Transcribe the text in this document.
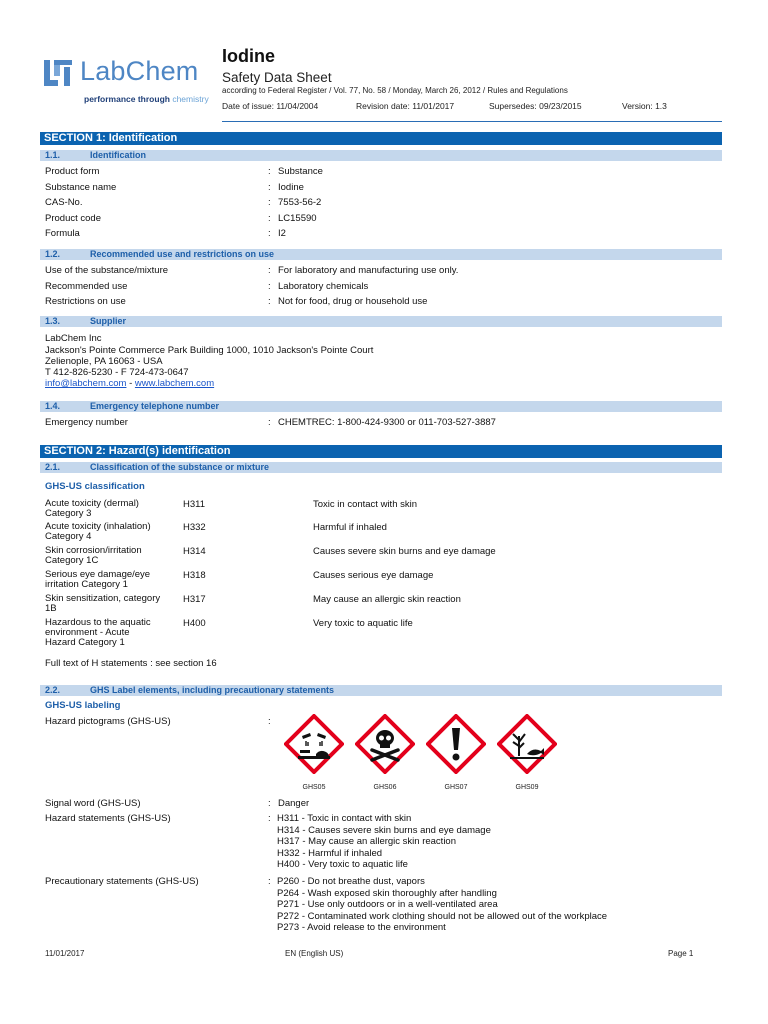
LabChem
performance through chemistry
Iodine
Safety Data Sheet
according to Federal Register / Vol. 77, No. 58 / Monday, March 26, 2012 / Rules and Regulations
Date of issue: 11/04/2004	Revision date: 11/01/2017	Supersedes: 09/23/2015	Version: 1.3
SECTION 1: Identification
1.1.	Identification
Product form	: Substance
Substance name	: Iodine
CAS-No.	: 7553-56-2
Product code	: LC15590
Formula	: I2
1.2.	Recommended use and restrictions on use
Use of the substance/mixture	: For laboratory and manufacturing use only.
Recommended use	: Laboratory chemicals
Restrictions on use	: Not for food, drug or household use
1.3.	Supplier
LabChem Inc
Jackson's Pointe Commerce Park Building 1000, 1010 Jackson's Pointe Court
Zelienople, PA 16063 - USA
T 412-826-5230 - F 724-473-0647
info@labchem.com - www.labchem.com
1.4.	Emergency telephone number
Emergency number	: CHEMTREC: 1-800-424-9300 or 011-703-527-3887
SECTION 2: Hazard(s) identification
2.1.	Classification of the substance or mixture
GHS-US classification
Acute toxicity (dermal)
Category 3
H311	Toxic in contact with skin
Acute toxicity (inhalation)
Category 4
H332	Harmful if inhaled
Skin corrosion/irritation
Category 1C
H314	Causes severe skin burns and eye damage
Serious eye damage/eye
irritation Category 1
H318	Causes serious eye damage
Skin sensitization, category
1B
H317	May cause an allergic skin reaction
Hazardous to the aquatic
environment - Acute
Hazard Category 1
H400	Very toxic to aquatic life
Full text of H statements : see section 16
2.2.	GHS Label elements, including precautionary statements
GHS-US labeling
Hazard pictograms (GHS-US)	:
GHS05	GHS06	GHS07	GHS09
Signal word (GHS-US)	: Danger
Hazard statements (GHS-US)	: H311 - Toxic in contact with skin
H314 - Causes severe skin burns and eye damage
H317 - May cause an allergic skin reaction
H332 - Harmful if inhaled
H400 - Very toxic to aquatic life
Precautionary statements (GHS-US)	: P260 - Do not breathe dust, vapors
P264 - Wash exposed skin thoroughly after handling
P271 - Use only outdoors or in a well-ventilated area
P272 - Contaminated work clothing should not be allowed out of the workplace
P273 - Avoid release to the environment
11/01/2017	EN (English US)	Page 1
